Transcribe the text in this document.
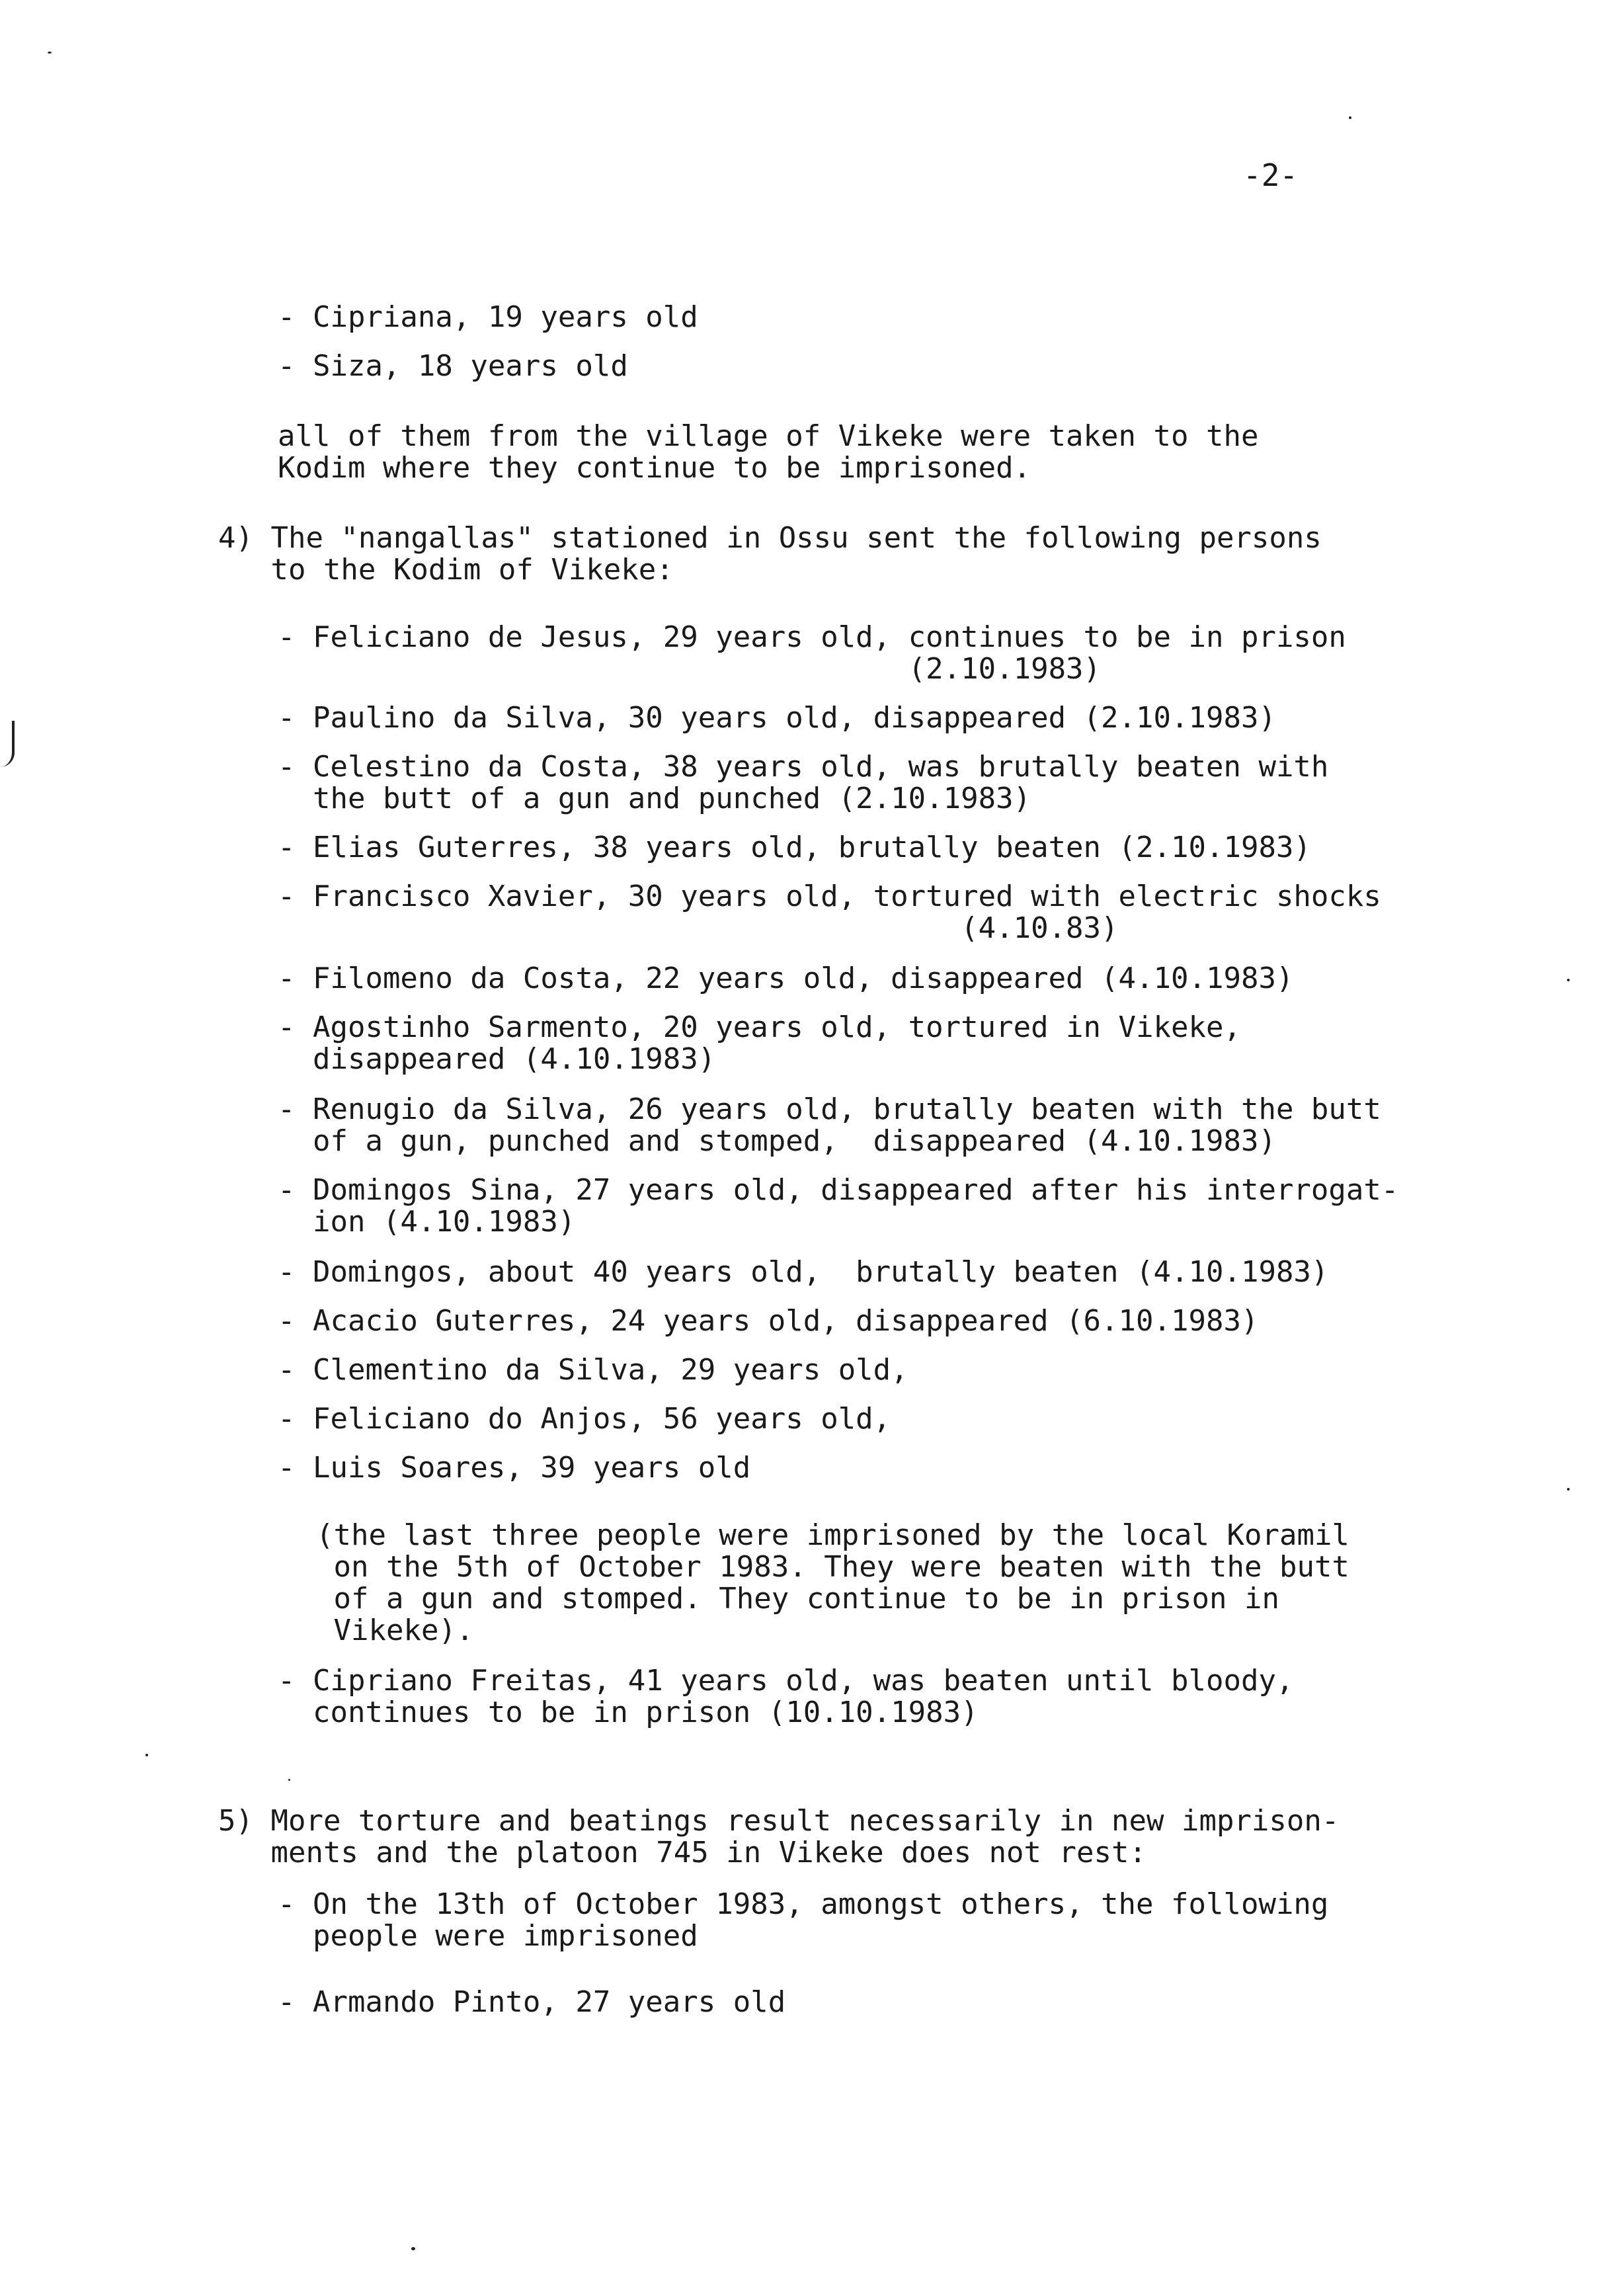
-2-
- Cipriana, 19 years old
- Siza, 18 years old
all of them from the village of Vikeke were taken to the
Kodim where they continue to be imprisoned.
4) The "nangallas" stationed in Ossu sent the following persons
to the Kodim of Vikeke:
- Feliciano de Jesus, 29 years old, continues to be in prison
(2.10.1983)
- Paulino da Silva, 30 years old, disappeared (2.10.1983)
- Celestino da Costa, 38 years old, was brutally beaten with
the butt of a gun and punched (2.10.1983)
- Elias Guterres, 38 years old, brutally beaten (2.10.1983)
- Francisco Xavier, 30 years old, tortured with electric shocks
(4.10.83)
- Filomeno da Costa, 22 years old, disappeared (4.10.1983)
- Agostinho Sarmento, 20 years old, tortured in Vikeke,
disappeared (4.10.1983)
- Renugio da Silva, 26 years old, brutally beaten with the butt
of a gun, punched and stomped,  disappeared (4.10.1983)
- Domingos Sina, 27 years old, disappeared after his interrogat-
ion (4.10.1983)
- Domingos, about 40 years old,  brutally beaten (4.10.1983)
- Acacio Guterres, 24 years old, disappeared (6.10.1983)
- Clementino da Silva, 29 years old,
- Feliciano do Anjos, 56 years old,
- Luis Soares, 39 years old
(the last three people were imprisoned by the local Koramil
on the 5th of October 1983. They were beaten with the butt
of a gun and stomped. They continue to be in prison in
Vikeke).
- Cipriano Freitas, 41 years old, was beaten until bloody,
continues to be in prison (10.10.1983)
5) More torture and beatings result necessarily in new imprison-
ments and the platoon 745 in Vikeke does not rest:
- On the 13th of October 1983, amongst others, the following
people were imprisoned
- Armando Pinto, 27 years old
